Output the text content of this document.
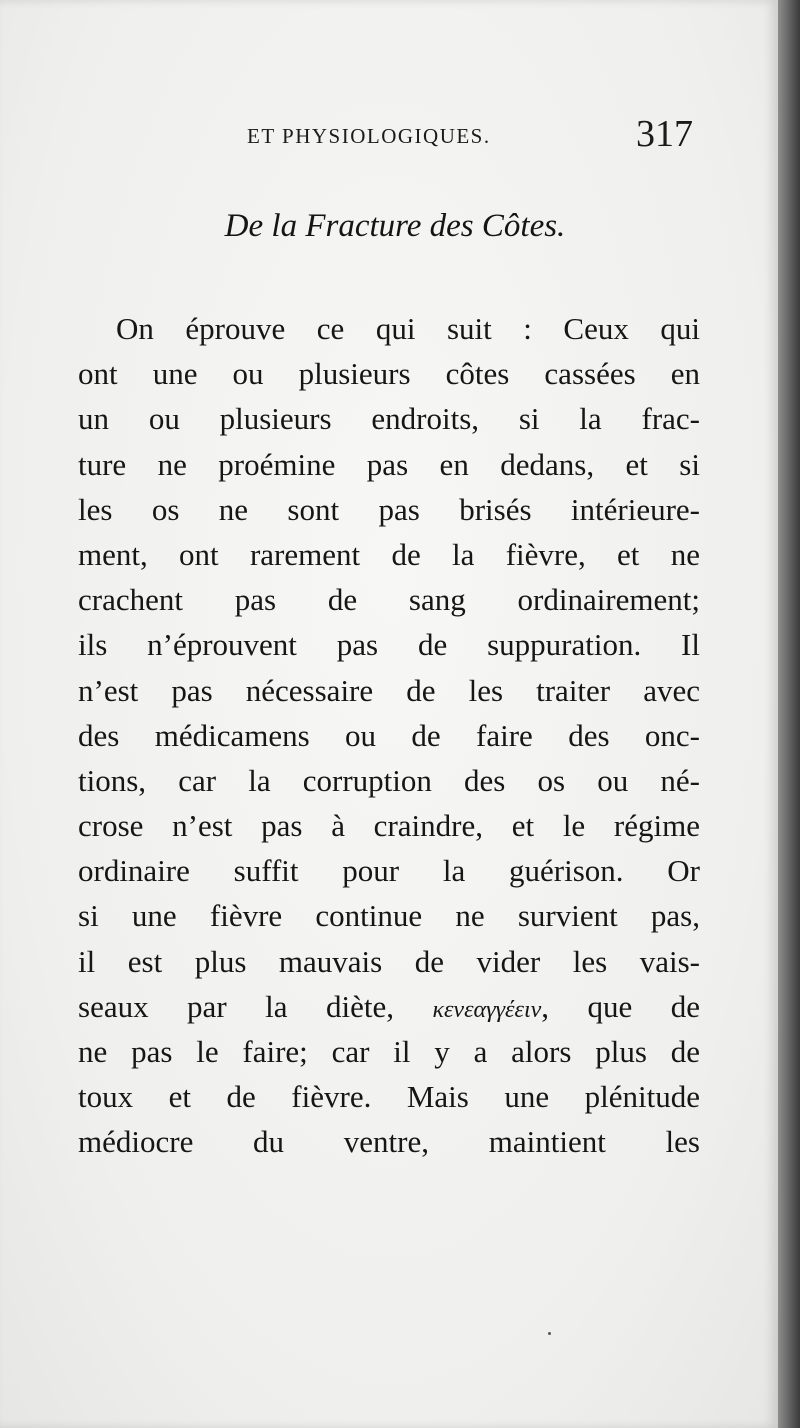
ET PHYSIOLOGIQUES.	317
De la Fracture des Côtes.
On éprouve ce qui suit : Ceux qui
ont une ou plusieurs côtes cassées en
un ou plusieurs endroits, si la frac-
ture ne proémine pas en dedans, et si
les os ne sont pas brisés intérieure-
ment, ont rarement de la fièvre, et ne
crachent pas de sang ordinairement;
ils n’éprouvent pas de suppuration. Il
n’est pas nécessaire de les traiter avec
des médicamens ou de faire des onc-
tions, car la corruption des os ou né-
crose n’est pas à craindre, et le régime
ordinaire suffit pour la guérison. Or
si une fièvre continue ne survient pas,
il est plus mauvais de vider les vais-
seaux par la diète, κενεαγγέειν, que de
ne pas le faire; car il y a alors plus de
toux et de fièvre. Mais une plénitude
médiocre du ventre, maintient les
